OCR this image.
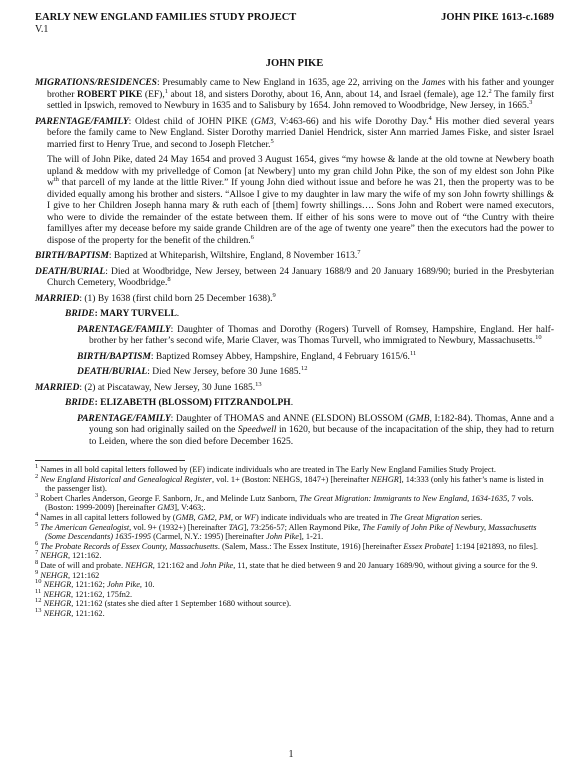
EARLY NEW ENGLAND FAMILIES STUDY PROJECT	JOHN PIKE 1613-c.1689
V.1
JOHN PIKE
MIGRATIONS/RESIDENCES: Presumably came to New England in 1635, age 22, arriving on the James with his father and younger brother ROBERT PIKE (EF),$^1$ about 18, and sisters Dorothy, about 16, Ann, about 14, and Israel (female), age 12.$^2$ The family first settled in Ipswich, removed to Newbury in 1635 and to Salisbury by 1654. John removed to Woodbridge, New Jersey, in 1665.$^3$
PARENTAGE/FAMILY: Oldest child of JOHN PIKE (GM3, V:463-66) and his wife Dorothy Day.$^4$ His mother died several years before the family came to New England. Sister Dorothy married Daniel Hendrick, sister Ann married James Fiske, and sister Israel married first to Henry True, and second to Joseph Fletcher.$^5$
The will of John Pike, dated 24 May 1654 and proved 3 August 1654, gives “my howse & lande at the old towne at Newbery boath upland & meddow with my privelledge of Comon [at Newbery] unto my gran child John Pike, the son of my eldest son John Pike $w^{th}$ that parcell of my lande at the little River.” If young John died without issue and before he was 21, then the property was to be divided equally among his brother and sisters. “Allsoe I give to my daughter in law mary the wife of my son John fowrty shillings & I give to her Children Joseph hanna mary & ruth each of [them] fowrty shillings…. Sons John and Robert were named executors, who were to divide the remainder of the estate between them. If either of his sons were to move out of “the Cuntry with theire famillyes after my decease before my saide grande Children are of the age of twenty one yeare” then the executors had the power to dispose of the property for the benefit of the children.$^6$
BIRTH/BAPTISM: Baptized at Whiteparish, Wiltshire, England, 8 November 1613.$^7$
DEATH/BURIAL: Died at Woodbridge, New Jersey, between 24 January 1688/9 and 20 January 1689/90; buried in the Presbyterian Church Cemetery, Woodbridge.$^8$
MARRIED: (1) By 1638 (first child born 25 December 1638).$^9$
BRIDE: MARY TURVELL.
PARENTAGE/FAMILY: Daughter of Thomas and Dorothy (Rogers) Turvell of Romsey, Hampshire, England. Her half-brother by her father’s second wife, Marie Claver, was Thomas Turvell, who immigrated to Newbury, Massachusetts.$^{10}$
BIRTH/BAPTISM: Baptized Romsey Abbey, Hampshire, England, 4 February 1615/6.11
DEATH/BURIAL: Died New Jersey, before 30 June 1685.12
MARRIED: (2) at Piscataway, New Jersey, 30 June 1685.13
BRIDE: ELIZABETH (BLOSSOM) FITZRANDOLPH.
PARENTAGE/FAMILY: Daughter of THOMAS and ANNE (ELSDON) BLOSSOM (GMB, I:182-84). Thomas, Anne and a young son had originally sailed on the Speedwell in 1620, but because of the incapacitation of the ship, they had to return to Leiden, where the son died before December 1625.
$^1$ Names in all bold capital letters followed by (EF) indicate individuals who are treated in The Early New England Families Study Project.
$^2$ New England Historical and Genealogical Register, vol. 1+ (Boston: NEHGS, 1847+) [hereinafter NEHGR], 14:333 (only his father’s name is listed in the passenger list).
$^3$ Robert Charles Anderson, George F. Sanborn, Jr., and Melinde Lutz Sanborn, The Great Migration: Immigrants to New England, 1634-1635, 7 vols. (Boston: 1999-2009) [hereinafter GM3], V:463;.
$^4$ Names in all capital letters followed by (GMB, GM2, PM, or WF) indicate individuals who are treated in The Great Migration series.
$^5$ The American Genealogist, vol. 9+ (1932+) [hereinafter TAG], 73:256-57; Allen Raymond Pike, The Family of John Pike of Newbury, Massachusetts (Some Descendants) 1635-1995 (Carmel, N.Y.: 1995) [hereinafter John Pike], 1-21.
$^6$ The Probate Records of Essex County, Massachusetts. (Salem, Mass.: The Essex Institute, 1916) [hereinafter Essex Probate] 1:194 [#21893, no files].
$^7$ NEHGR, 121:162.
$^8$ Date of will and probate. NEHGR, 121:162 and John Pike, 11, state that he died between 9 and 20 January 1689/90, without giving a source for the 9.
$^9$ NEHGR, 121:162
$^{10}$ NEHGR, 121:162; John Pike, 10.
$^{11}$ NEHGR, 121:162, 175fn2.
$^{12}$ NEHGR, 121:162 (states she died after 1 September 1680 without source).
$^{13}$ NEHGR, 121:162.
1
